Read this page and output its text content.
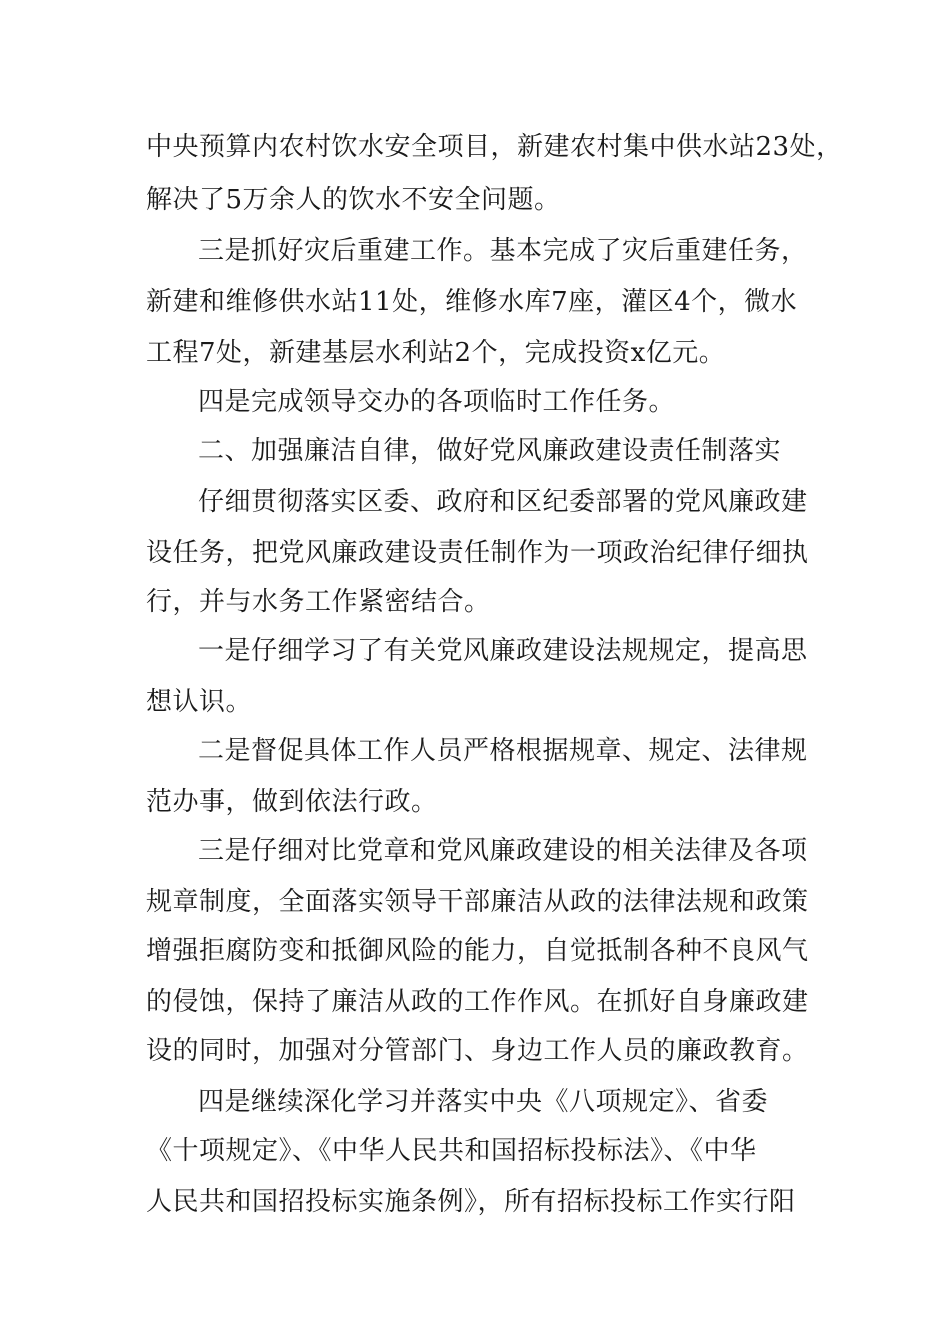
中央预算内农村饮水安全项目，新建农村集中供水站23处，
解决了5万余人的饮水不安全问题。
三是抓好灾后重建工作。基本完成了灾后重建任务，
新建和维修供水站11处，维修水库7座，灌区4个，微水
工程7处，新建基层水利站2个，完成投资x亿元。
四是完成领导交办的各项临时工作任务。
二、加强廉洁自律，做好党风廉政建设责任制落实
仔细贯彻落实区委、政府和区纪委部署的党风廉政建
设任务，把党风廉政建设责任制作为一项政治纪律仔细执
行，并与水务工作紧密结合。
一是仔细学习了有关党风廉政建设法规规定，提高思
想认识。
二是督促具体工作人员严格根据规章、规定、法律规
范办事，做到依法行政。
三是仔细对比党章和党风廉政建设的相关法律及各项
规章制度，全面落实领导干部廉洁从政的法律法规和政策
增强拒腐防变和抵御风险的能力，自觉抵制各种不良风气
的侵蚀，保持了廉洁从政的工作作风。在抓好自身廉政建
设的同时，加强对分管部门、身边工作人员的廉政教育。
四是继续深化学习并落实中央《八项规定》、省委
《十项规定》、《中华人民共和国招标投标法》、《中华
人民共和国招投标实施条例》，所有招标投标工作实行阳
